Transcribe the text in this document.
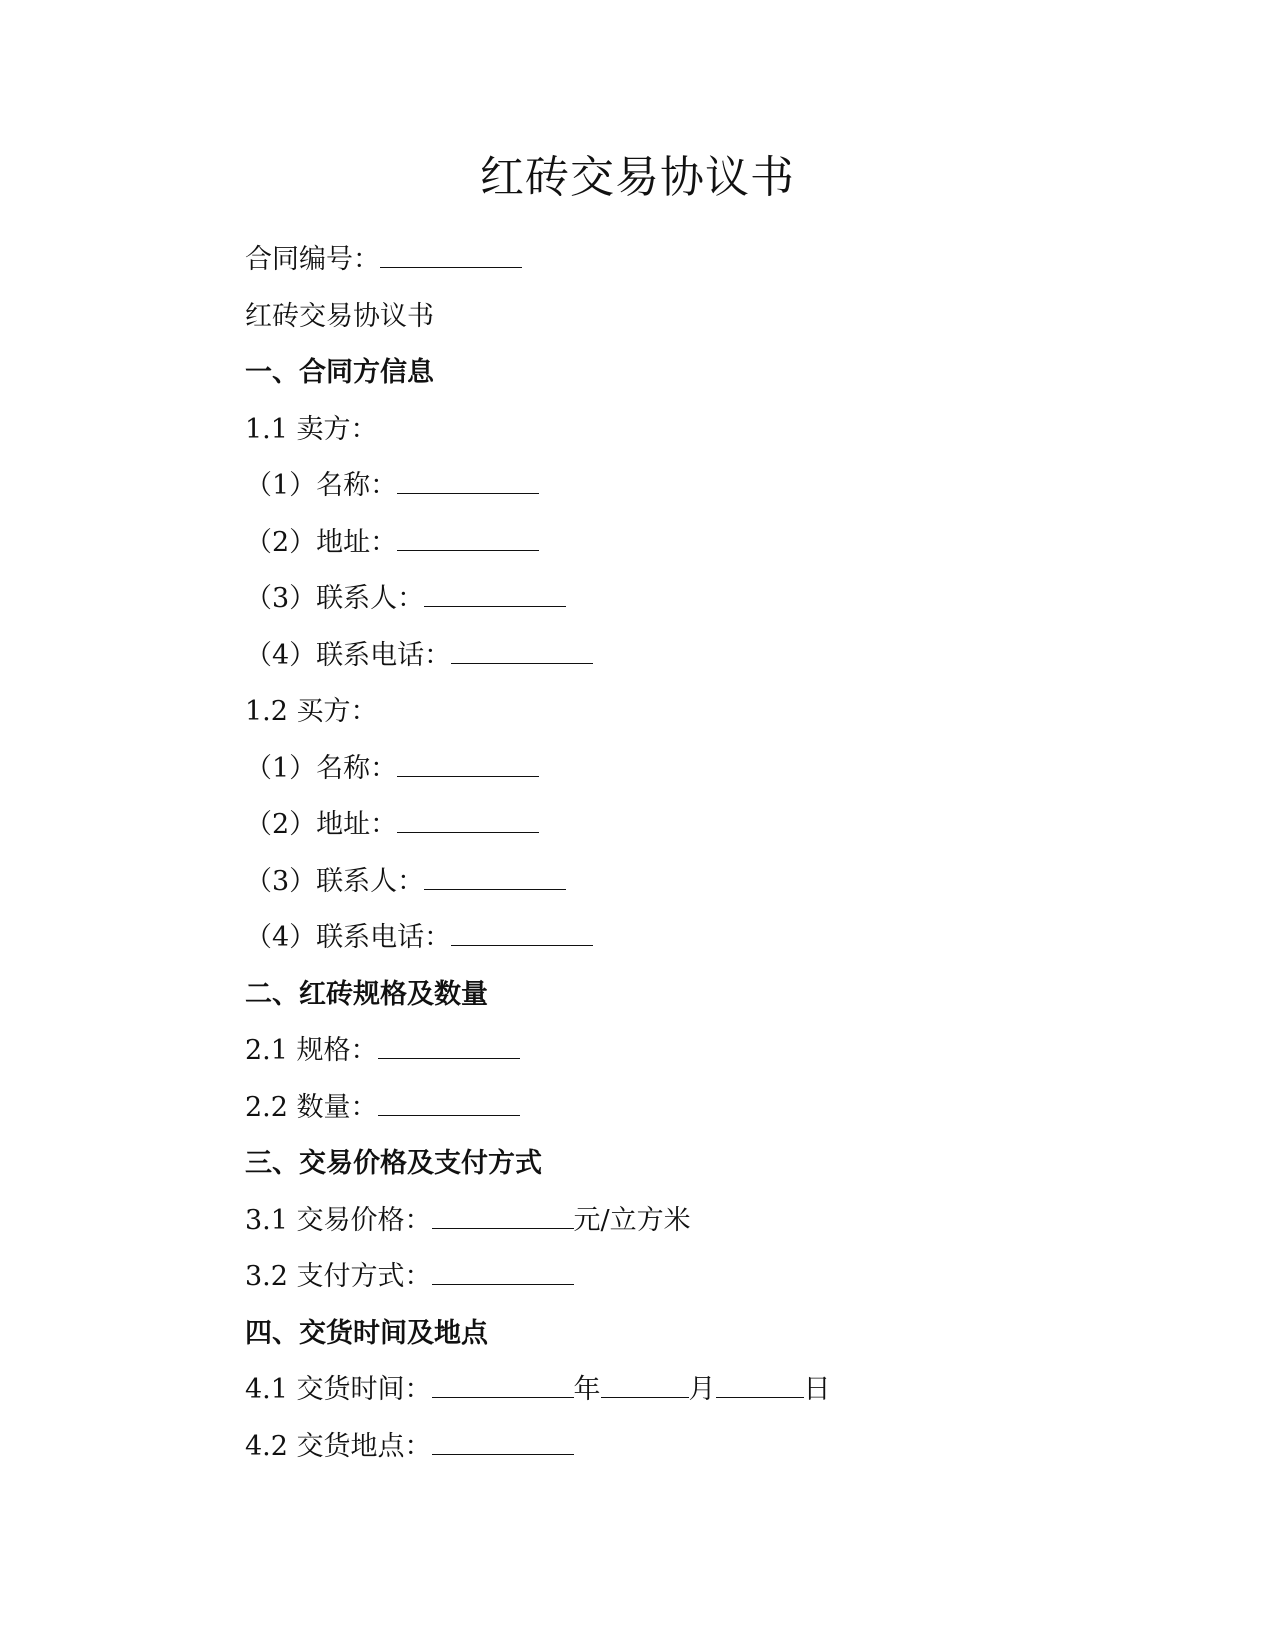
红砖交易协议书
合同编号：
红砖交易协议书
一、合同方信息
1.1 卖方：
（1）名称：
（2）地址：
（3）联系人：
（4）联系电话：
1.2 买方：
（1）名称：
（2）地址：
（3）联系人：
（4）联系电话：
二、红砖规格及数量
2.1 规格：
2.2 数量：
三、交易价格及支付方式
3.1 交易价格：	元/立方米
3.2 支付方式：
四、交货时间及地点
4.1 交货时间：	年	月	日
4.2 交货地点：
